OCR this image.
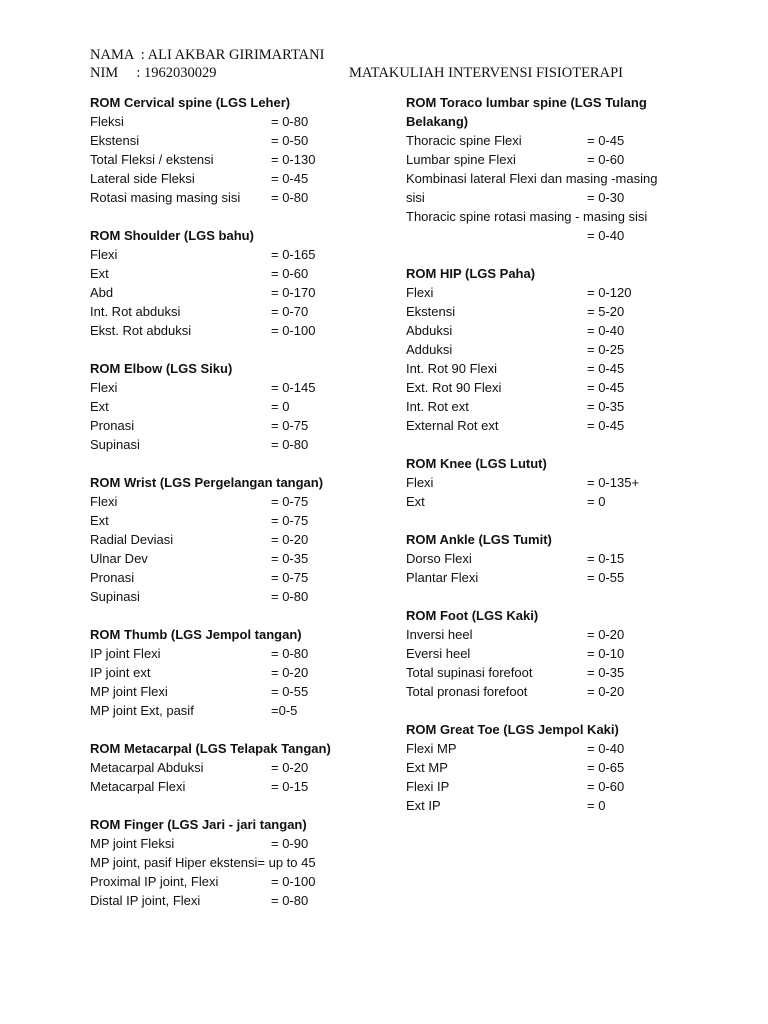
NAMA  : ALI AKBAR GIRIMARTANI
NIM     : 1962030029	MATAKULIAH INTERVENSI FISIOTERAPI
ROM Cervical spine (LGS Leher)
Fleksi	= 0-80
Ekstensi	= 0-50
Total Fleksi / ekstensi	= 0-130
Lateral side Fleksi	= 0-45
Rotasi masing masing sisi = 0-80
ROM Shoulder (LGS bahu)
Flexi	= 0-165
Ext	= 0-60
Abd	= 0-170
Int. Rot abduksi	= 0-70
Ekst. Rot abduksi	= 0-100
ROM Elbow (LGS Siku)
Flexi	= 0-145
Ext	= 0
Pronasi	= 0-75
Supinasi	= 0-80
ROM Wrist (LGS Pergelangan tangan)
Flexi	= 0-75
Ext	= 0-75
Radial Deviasi	= 0-20
Ulnar Dev	= 0-35
Pronasi	= 0-75
Supinasi	= 0-80
ROM Thumb (LGS Jempol tangan)
IP joint Flexi	= 0-80
IP joint ext	= 0-20
MP joint Flexi	= 0-55
MP joint Ext, pasif	=0-5
ROM Metacarpal (LGS Telapak Tangan)
Metacarpal Abduksi	= 0-20
Metacarpal Flexi	= 0-15
ROM Finger (LGS Jari - jari tangan)
MP joint Fleksi	= 0-90
MP joint, pasif Hiper ekstensi= up to 45
Proximal IP joint, Flexi	= 0-100
Distal IP joint, Flexi	= 0-80
ROM Toraco lumbar spine (LGS Tulang Belakang)
Thoracic spine Flexi	= 0-45
Lumbar spine Flexi	= 0-60
Kombinasi lateral Flexi dan masing -masing
sisi	= 0-30
Thoracic spine rotasi masing - masing sisi
= 0-40
ROM HIP (LGS Paha)
Flexi	= 0-120
Ekstensi	= 5-20
Abduksi	= 0-40
Adduksi	= 0-25
Int. Rot 90 Flexi	= 0-45
Ext. Rot 90 Flexi	= 0-45
Int. Rot ext	= 0-35
External Rot ext	= 0-45
ROM Knee (LGS Lutut)
Flexi	= 0-135+
Ext	= 0
ROM Ankle (LGS Tumit)
Dorso Flexi	= 0-15
Plantar Flexi	= 0-55
ROM Foot (LGS Kaki)
Inversi heel	= 0-20
Eversi heel	= 0-10
Total supinasi forefoot	= 0-35
Total pronasi forefoot	= 0-20
ROM Great Toe (LGS Jempol Kaki)
Flexi MP	= 0-40
Ext MP	= 0-65
Flexi IP	= 0-60
Ext IP	= 0
